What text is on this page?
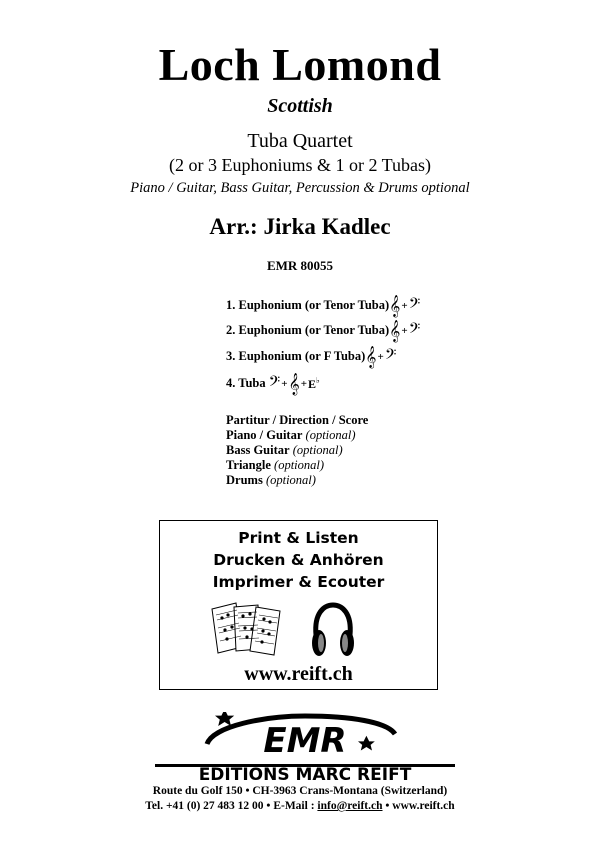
Loch Lomond
Scottish
Tuba Quartet
(2 or 3 Euphoniums & 1 or 2 Tubas)
Piano / Guitar, Bass Guitar, Percussion & Drums optional
Arr.: Jirka Kadlec
EMR 80055
1. Euphonium (or Tenor Tuba) 𝄞 + 𝄢
2. Euphonium (or Tenor Tuba) 𝄞 + 𝄢
3. Euphonium (or F Tuba) 𝄞 + 𝄢
4. Tuba 𝄢 + 𝄞 + E♭
Partitur / Direction / Score
Piano / Guitar (optional)
Bass Guitar (optional)
Triangle (optional)
Drums (optional)
Print & Listen
Drucken & Anhören
Imprimer & Ecouter
www.reift.ch
EMR
EDITIONS MARC REIFT
Route du Golf 150 • CH-3963 Crans-Montana (Switzerland)
Tel. +41 (0) 27 483 12 00 • E-Mail : info@reift.ch • www.reift.ch
